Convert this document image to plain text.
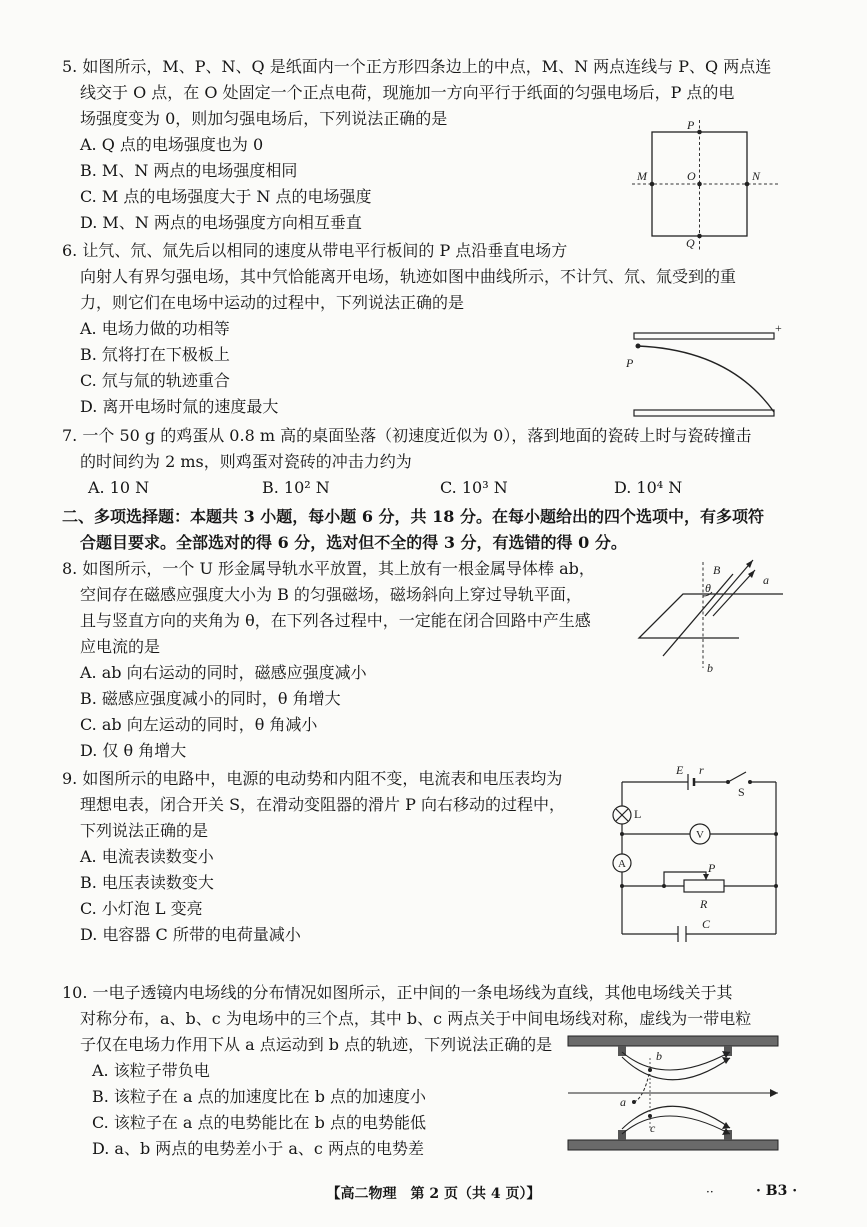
5. 如图所示，M、P、N、Q 是纸面内一个正方形四条边上的中点，M、N 两点连线与 P、Q 两点连
线交于 O 点，在 O 处固定一个正点电荷，现施加一方向平行于纸面的匀强电场后，P 点的电
场强度变为 0，则加匀强电场后，下列说法正确的是
A. Q 点的电场强度也为 0
B. M、N 两点的电场强度相同
C. M 点的电场强度大于 N 点的电场强度
D. M、N 两点的电场强度方向相互垂直
P
M	O	N
Q
6. 让氕、氘、氚先后以相同的速度从带电平行板间的 P 点沿垂直电场方
向射人有界匀强电场，其中氕恰能离开电场，轨迹如图中曲线所示，不计氕、氘、氚受到的重
力，则它们在电场中运动的过程中，下列说法正确的是
A. 电场力做的功相等
B. 氘将打在下极板上
C. 氘与氚的轨迹重合
D. 离开电场时氚的速度最大
+
P
7. 一个 50 g 的鸡蛋从 0.8 m 高的桌面坠落（初速度近似为 0），落到地面的瓷砖上时与瓷砖撞击
的时间约为 2 ms，则鸡蛋对瓷砖的冲击力约为
A. 10 N	B. 10² N	C. 10³ N	D. 10⁴ N
二、多项选择题：本题共 3 小题，每小题 6 分，共 18 分。在每小题给出的四个选项中，有多项符
合题目要求。全部选对的得 6 分，选对但不全的得 3 分，有选错的得 0 分。
8. 如图所示，一个 U 形金属导轨水平放置，其上放有一根金属导体棒 ab，
空间存在磁感应强度大小为 B 的匀强磁场，磁场斜向上穿过导轨平面，
且与竖直方向的夹角为 θ，在下列各过程中，一定能在闭合回路中产生感
应电流的是
A. ab 向右运动的同时，磁感应强度减小
B. 磁感应强度减小的同时，θ 角增大
C. ab 向左运动的同时，θ 角减小
D. 仅 θ 角增大
B
θ
a
b
9. 如图所示的电路中，电源的电动势和内阻不变，电流表和电压表均为
理想电表，闭合开关 S，在滑动变阻器的滑片 P 向右移动的过程中，
下列说法正确的是
A. 电流表读数变小
B. 电压表读数变大
C. 小灯泡 L 变亮
D. 电容器 C 所带的电荷量减小
E r
S
L
V
A	P
R
C
10. 一电子透镜内电场线的分布情况如图所示，正中间的一条电场线为直线，其他电场线关于其
对称分布，a、b、c 为电场中的三个点，其中 b、c 两点关于中间电场线对称，虚线为一带电粒
子仅在电场力作用下从 a 点运动到 b 点的轨迹，下列说法正确的是
A. 该粒子带负电
B. 该粒子在 a 点的加速度比在 b 点的加速度小
C. 该粒子在 a 点的电势能比在 b 点的电势能低
D. a、b 两点的电势差小于 a、c 两点的电势差
a
b
c
【高二物理　第 2 页（共 4 页）】	··	· B3 ·
